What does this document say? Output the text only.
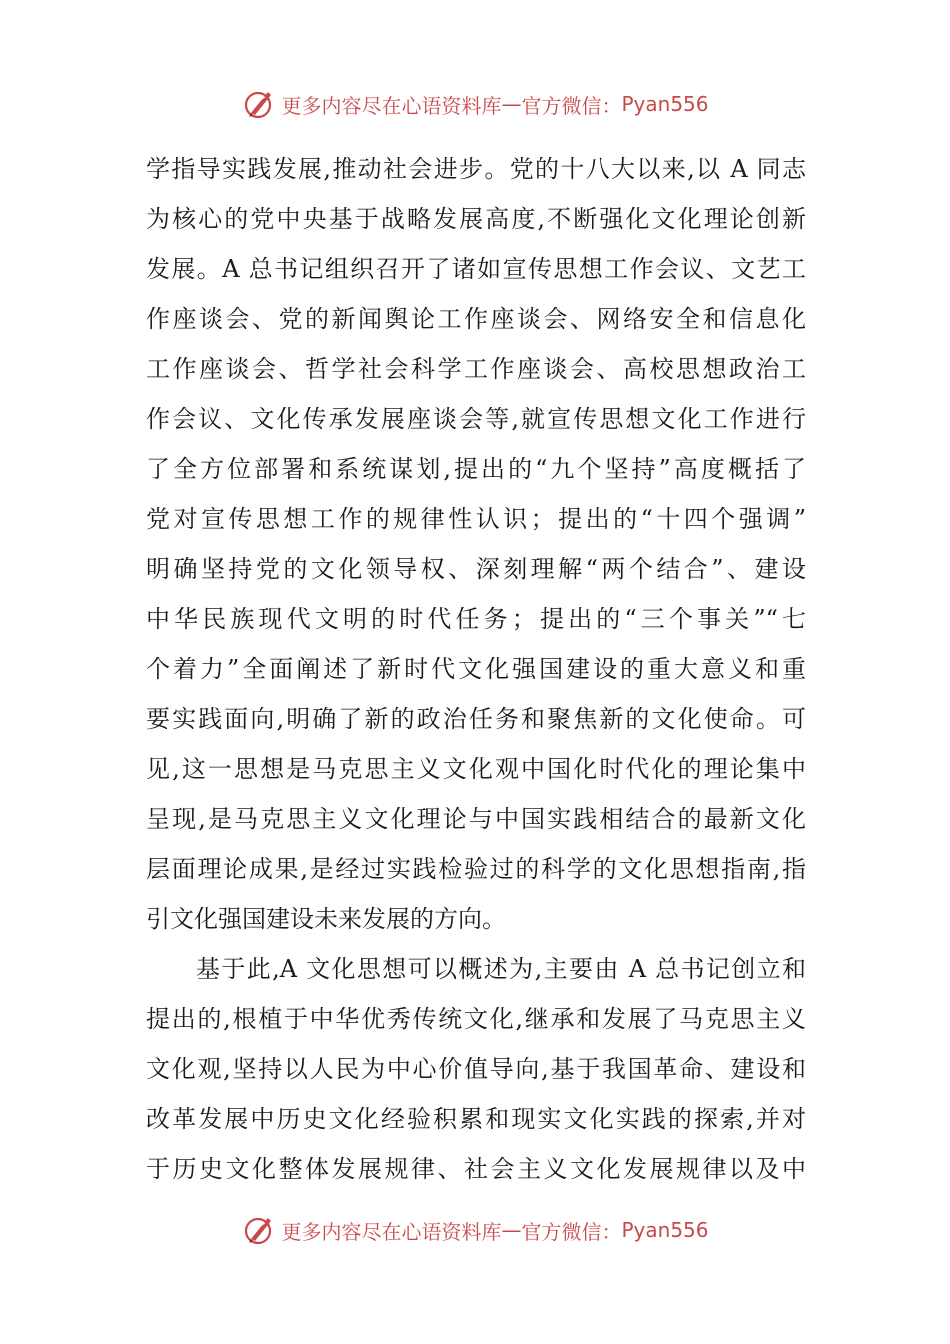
更多内容尽在心语资料库 — 官方微信： Pyan556
学指导实践发展,推动社会进步。党的十八大以来,以 A 同志
为核心的党中央基于战略发展高度,不断强化文化理论创新
发展。A 总书记组织召开了诸如宣传思想工作会议、文艺工
作座谈会、党的新闻舆论工作座谈会、网络安全和信息化
工作座谈会、哲学社会科学工作座谈会、高校思想政治工
作会议、文化传承发展座谈会等,就宣传思想文化工作进行
了全方位部署和系统谋划,提出的“九个坚持”高度概括了
党对宣传思想工作的规律性认识；提出的“十四个强调”
明确坚持党的文化领导权、深刻理解“两个结合”、建设
中华民族现代文明的时代任务；提出的“三个事关”“七
个着力”全面阐述了新时代文化强国建设的重大意义和重
要实践面向,明确了新的政治任务和聚焦新的文化使命。可
见,这一思想是马克思主义文化观中国化时代化的理论集中
呈现,是马克思主义文化理论与中国实践相结合的最新文化
层面理论成果,是经过实践检验过的科学的文化思想指南,指
引文化强国建设未来发展的方向。
基于此,A 文化思想可以概述为,主要由 A 总书记创立和
提出的,根植于中华优秀传统文化,继承和发展了马克思主义
文化观,坚持以人民为中心价值导向,基于我国革命、建设和
改革发展中历史文化经验积累和现实文化实践的探索,并对
于历史文化整体发展规律、社会主义文化发展规律以及中
更多内容尽在心语资料库 — 官方微信： Pyan556
